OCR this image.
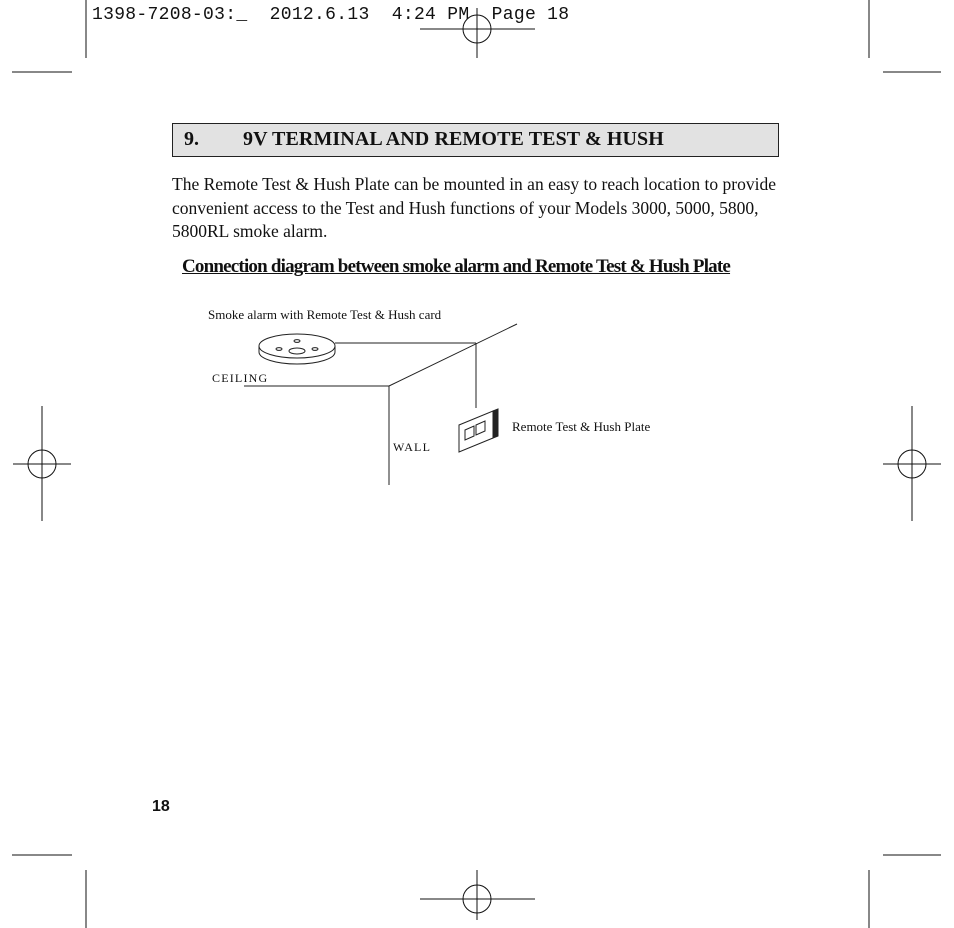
1398-7208-03:_  2012.6.13  4:24 PM  Page 18
9. 9V TERMINAL AND REMOTE TEST & HUSH

The Remote Test & Hush Plate can be mounted in an easy to reach location to provide convenient access to the Test and Hush functions of your Models 3000, 5000, 5800, 5800RL smoke alarm.

Connection diagram between smoke alarm and Remote Test & Hush Plate
Smoke alarm with Remote Test & Hush card
CEILING
WALL
Remote Test & Hush Plate
18
